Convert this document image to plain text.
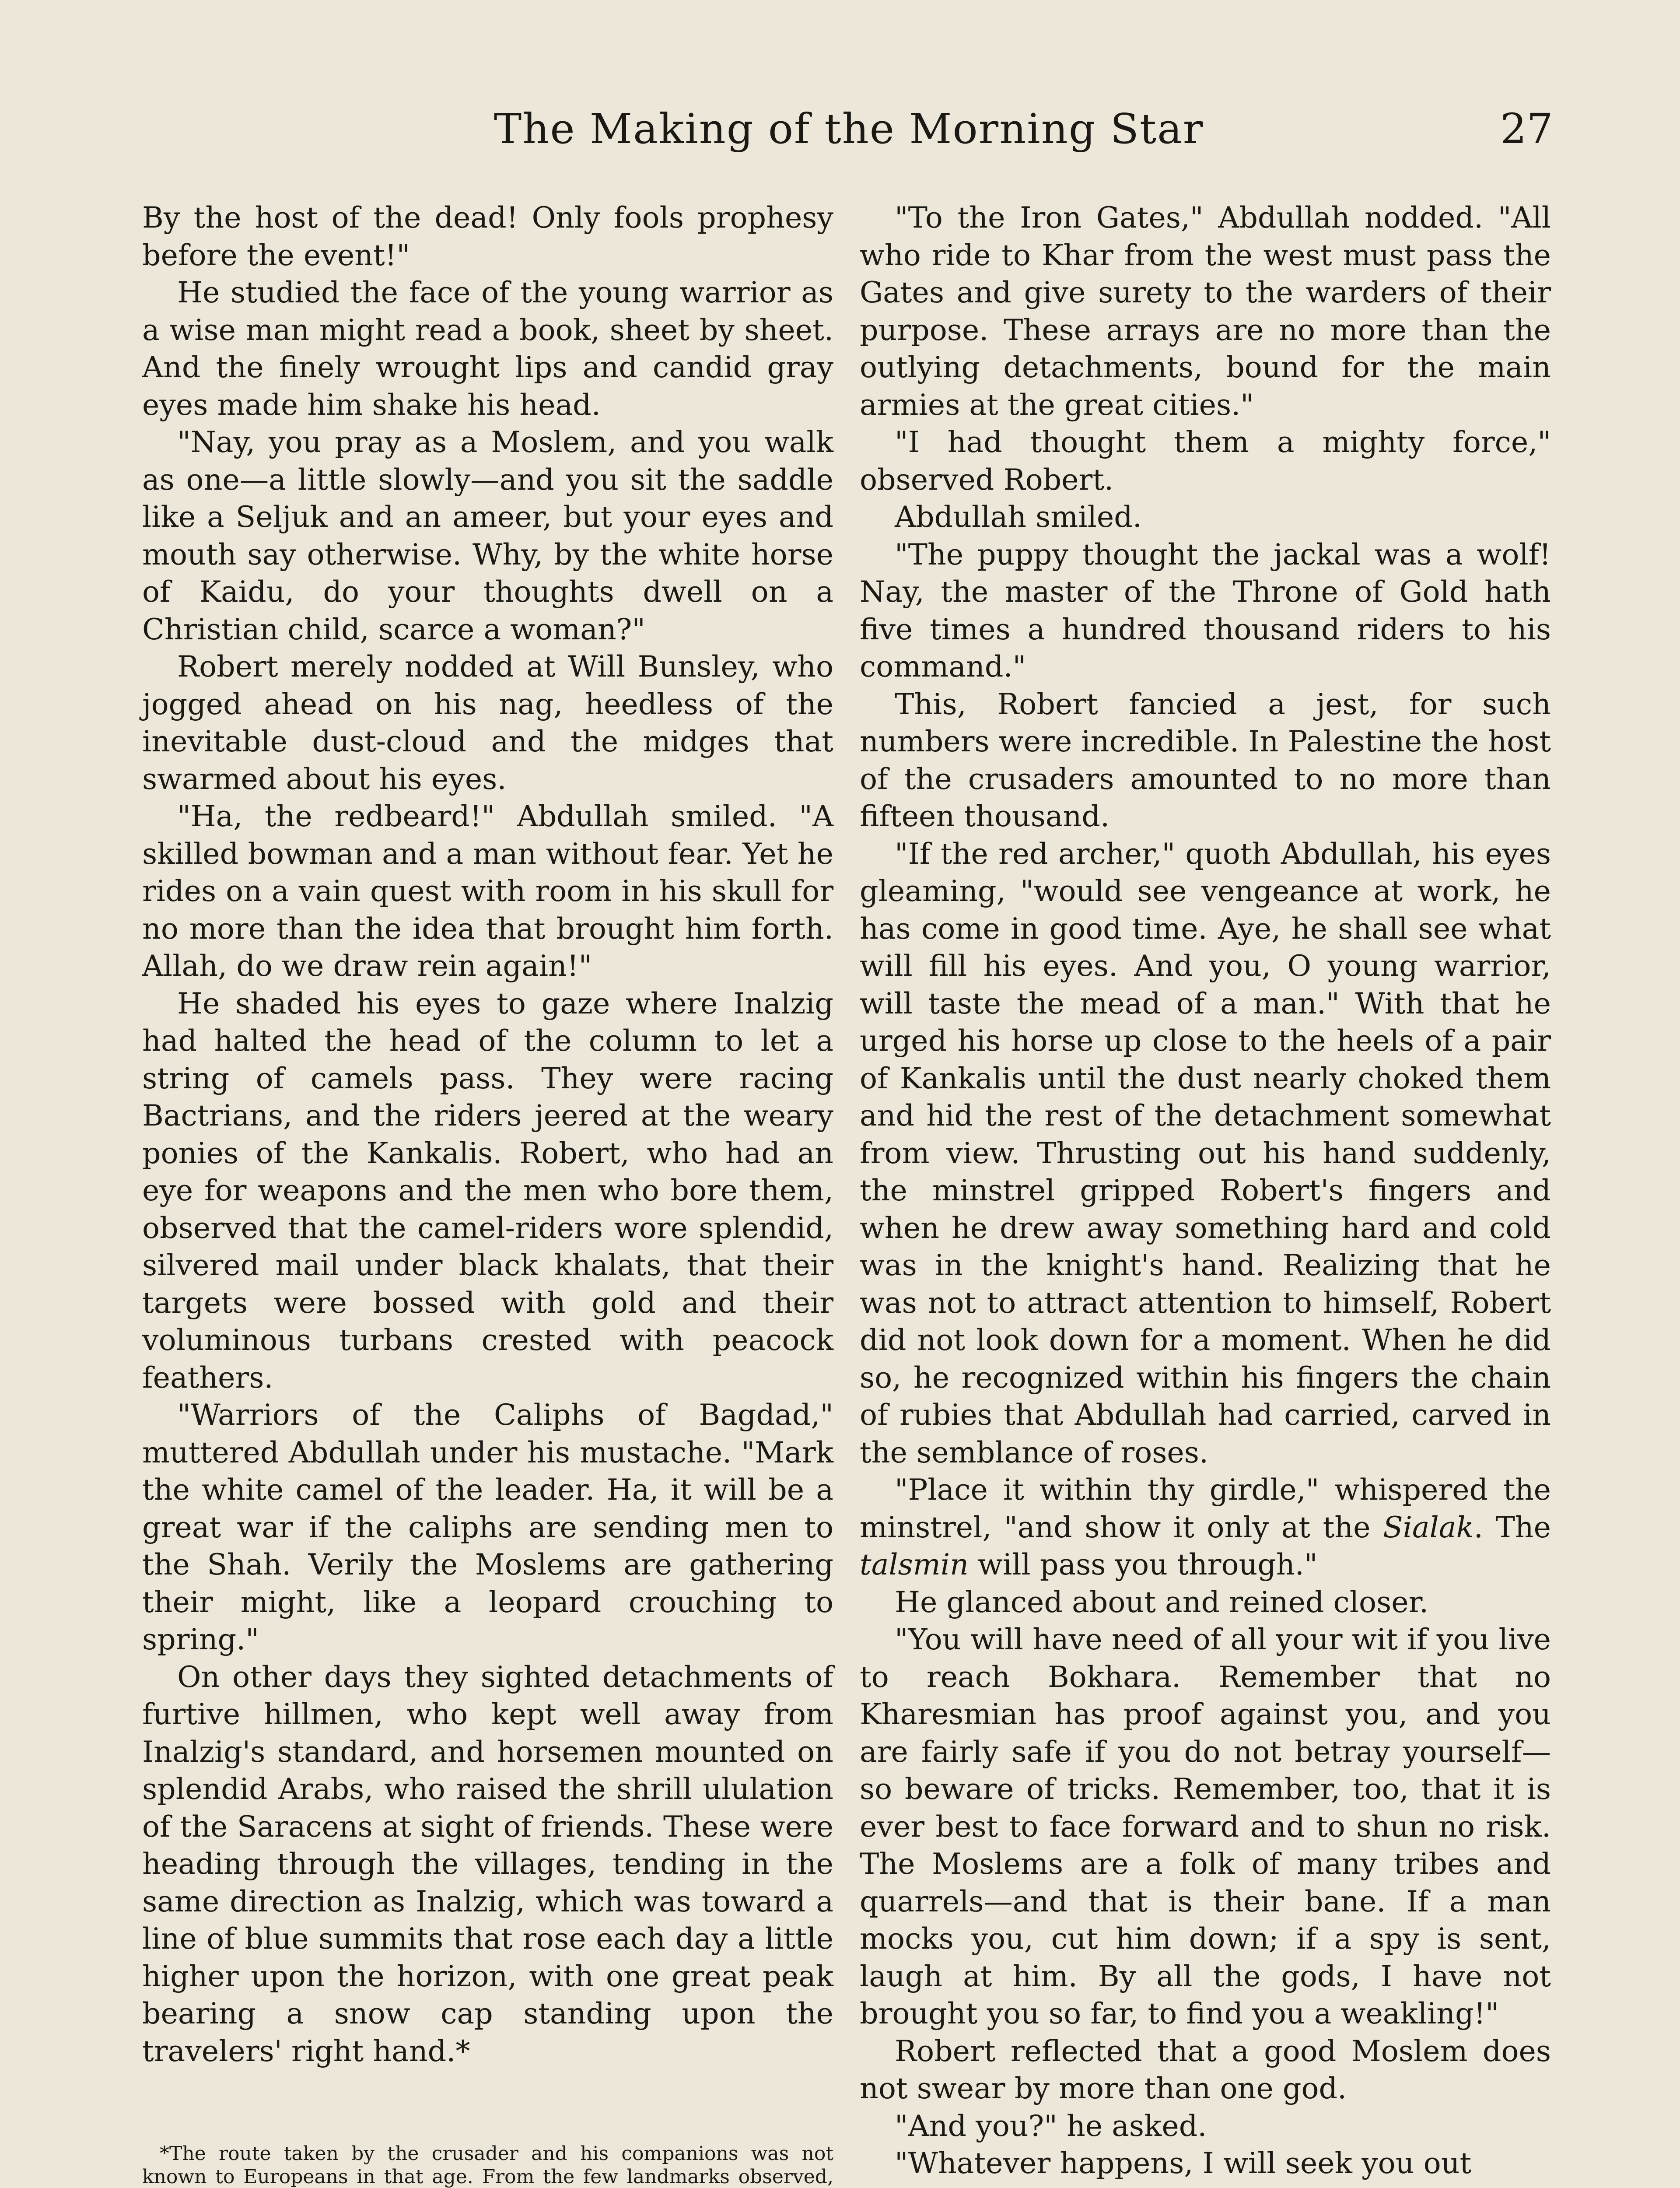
The Making of the Morning Star	27

By the host of the dead! Only fools prophesy before the event!"

He studied the face of the young warrior as a wise man might read a book, sheet by sheet. And the finely wrought lips and candid gray eyes made him shake his head.

"Nay, you pray as a Moslem, and you walk as one—a little slowly—and you sit the saddle like a Seljuk and an ameer, but your eyes and mouth say otherwise. Why, by the white horse of Kaidu, do your thoughts dwell on a Christian child, scarce a woman?"

Robert merely nodded at Will Bunsley, who jogged ahead on his nag, heedless of the inevitable dust-cloud and the midges that swarmed about his eyes.

"Ha, the redbeard!" Abdullah smiled. "A skilled bowman and a man without fear. Yet he rides on a vain quest with room in his skull for no more than the idea that brought him forth. Allah, do we draw rein again!"

He shaded his eyes to gaze where Inalzig had halted the head of the column to let a string of camels pass. They were racing Bactrians, and the riders jeered at the weary ponies of the Kankalis. Robert, who had an eye for weapons and the men who bore them, observed that the camel-riders wore splendid, silvered mail under black khalats, that their targets were bossed with gold and their voluminous turbans crested with peacock feathers.

"Warriors of the Caliphs of Bagdad," muttered Abdullah under his mustache. "Mark the white camel of the leader. Ha, it will be a great war if the caliphs are sending men to the Shah. Verily the Moslems are gathering their might, like a leopard crouching to spring."

On other days they sighted detachments of furtive hillmen, who kept well away from Inalzig's standard, and horsemen mounted on splendid Arabs, who raised the shrill ululation of the Saracens at sight of friends. These were heading through the villages, tending in the same direction as Inalzig, which was toward a line of blue summits that rose each day a little higher upon the horizon, with one great peak bearing a snow cap standing upon the travelers' right hand.*

*The route taken by the crusader and his companions was not known to Europeans in that age. From the few landmarks observed,

"To the Iron Gates," Abdullah nodded. "All who ride to Khar from the west must pass the Gates and give surety to the warders of their purpose. These arrays are no more than the outlying detachments, bound for the main armies at the great cities."

"I had thought them a mighty force," observed Robert.

Abdullah smiled.

"The puppy thought the jackal was a wolf! Nay, the master of the Throne of Gold hath five times a hundred thousand riders to his command."

This, Robert fancied a jest, for such numbers were incredible. In Palestine the host of the crusaders amounted to no more than fifteen thousand.

"If the red archer," quoth Abdullah, his eyes gleaming, "would see vengeance at work, he has come in good time. Aye, he shall see what will fill his eyes. And you, O young warrior, will taste the mead of a man." With that he urged his horse up close to the heels of a pair of Kankalis until the dust nearly choked them and hid the rest of the detachment somewhat from view. Thrusting out his hand suddenly, the minstrel gripped Robert's fingers and when he drew away something hard and cold was in the knight's hand. Realizing that he was not to attract attention to himself, Robert did not look down for a moment. When he did so, he recognized within his fingers the chain of rubies that Abdullah had carried, carved in the semblance of roses.

"Place it within thy girdle," whispered the minstrel, "and show it only at the Sialak. The talsmin will pass you through."

He glanced about and reined closer.

"You will have need of all your wit if you live to reach Bokhara. Remember that no Kharesmian has proof against you, and you are fairly safe if you do not betray yourself—so beware of tricks. Remember, too, that it is ever best to face forward and to shun no risk. The Moslems are a folk of many tribes and quarrels—and that is their bane. If a man mocks you, cut him down; if a spy is sent, laugh at him. By all the gods, I have not brought you so far, to find you a weakling!"

Robert reflected that a good Moslem does not swear by more than one god.

"And you?" he asked.

"Whatever happens, I will seek you out
